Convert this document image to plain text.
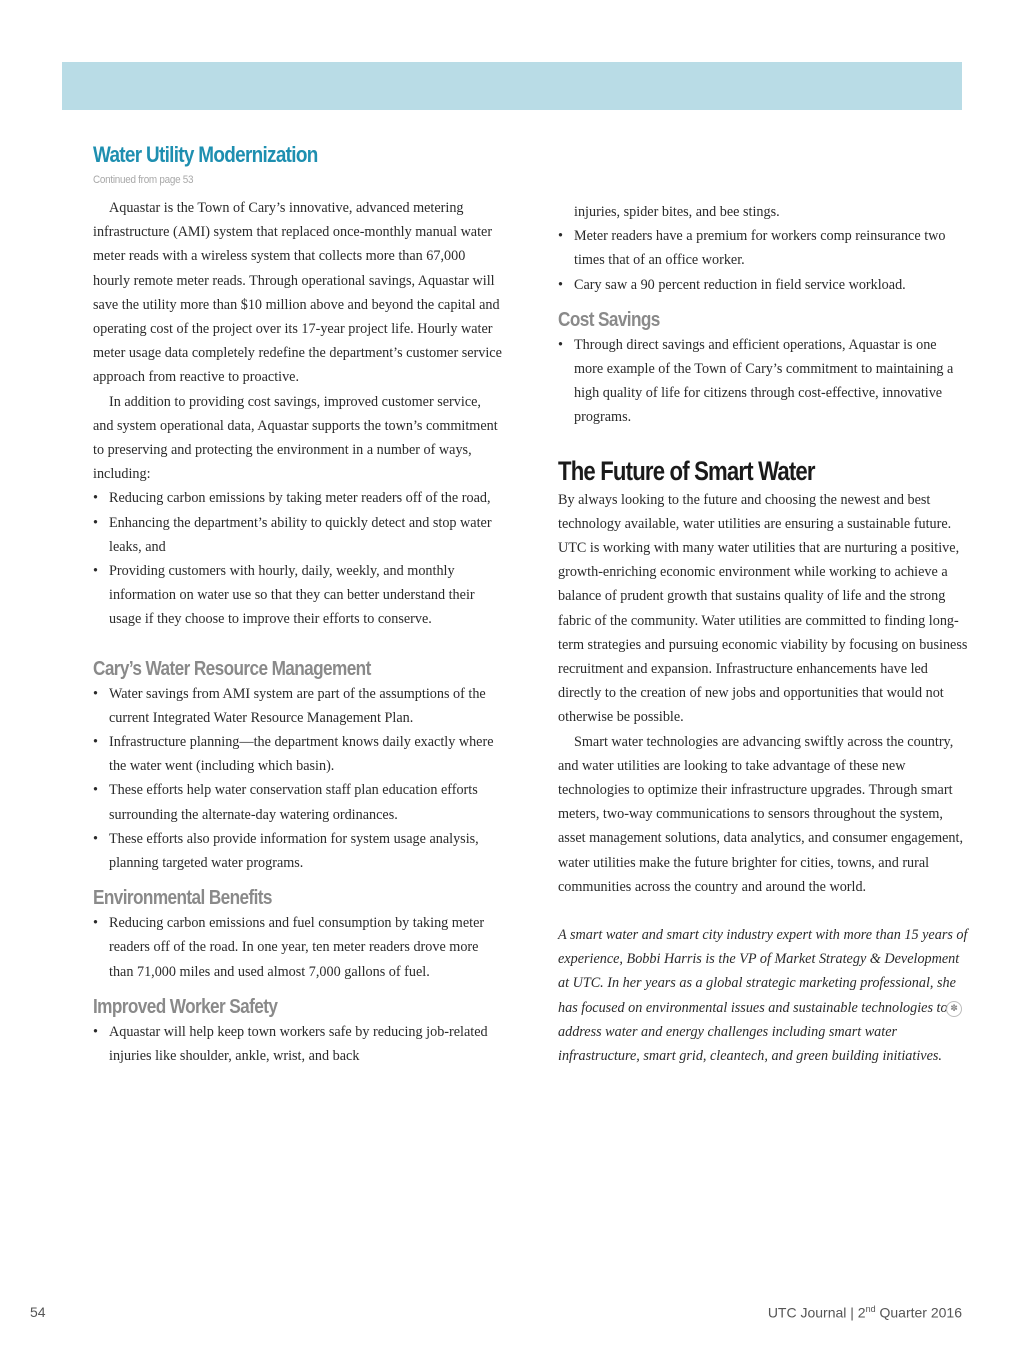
Water Utility Modernization
Continued from page 53

Aquastar is the Town of Cary’s innovative, advanced metering infrastructure (AMI) system that replaced once-monthly manual water meter reads with a wireless system that collects more than 67,000 hourly remote meter reads. Through operational savings, Aquastar will save the utility more than $10 million above and beyond the capital and operating cost of the project over its 17-year project life. Hourly water meter usage data completely redefine the department’s customer service approach from reactive to proactive.

In addition to providing cost savings, improved customer service, and system operational data, Aquastar supports the town’s commitment to preserving and protecting the environment in a number of ways, including:

• Reducing carbon emissions by taking meter readers off of the road,
• Enhancing the department’s ability to quickly detect and stop water leaks, and
• Providing customers with hourly, daily, weekly, and monthly information on water use so that they can better understand their usage if they choose to improve their efforts to conserve.
Cary’s Water Resource Management
• Water savings from AMI system are part of the assumptions of the current Integrated Water Resource Management Plan.
• Infrastructure planning—the department knows daily exactly where the water went (including which basin).
• These efforts help water conservation staff plan education efforts surrounding the alternate-day watering ordinances.
• These efforts also provide information for system usage analysis, planning targeted water programs.
Environmental Benefits
• Reducing carbon emissions and fuel consumption by taking meter readers off of the road. In one year, ten meter readers drove more than 71,000 miles and used almost 7,000 gallons of fuel.
Improved Worker Safety
• Aquastar will help keep town workers safe by reducing job-related injuries like shoulder, ankle, wrist, and back

injuries, spider bites, and bee stings.

• Meter readers have a premium for workers comp reinsurance two times that of an office worker.
• Cary saw a 90 percent reduction in field service workload.
Cost Savings
• Through direct savings and efficient operations, Aquastar is one more example of the Town of Cary’s commitment to maintaining a high quality of life for citizens through cost-effective, innovative programs.
The Future of Smart Water

By always looking to the future and choosing the newest and best technology available, water utilities are ensuring a sustainable future. UTC is working with many water utilities that are nurturing a positive, growth-enriching economic environment while working to achieve a balance of prudent growth that sustains quality of life and the strong fabric of the community. Water utilities are committed to finding long-term strategies and pursuing economic viability by focusing on business recruitment and expansion. Infrastructure enhancements have led directly to the creation of new jobs and opportunities that would not otherwise be possible.

Smart water technologies are advancing swiftly across the country, and water utilities are looking to take advantage of these new technologies to optimize their infrastructure upgrades. Through smart meters, two-way communications to sensors throughout the system, asset management solutions, data analytics, and consumer engagement, water utilities make the future brighter for cities, towns, and rural communities across the country and around the world.

A smart water and smart city industry expert with more than 15 years of experience, Bobbi Harris is the VP of Market Strategy & Development at UTC. In her years as a global strategic marketing professional, she has focused on environmental issues and sustainable technologies to address water and energy challenges including smart water infrastructure, smart grid, cleantech, and green building initiatives.

✽
54	UTC Journal | 2nd Quarter 2016
